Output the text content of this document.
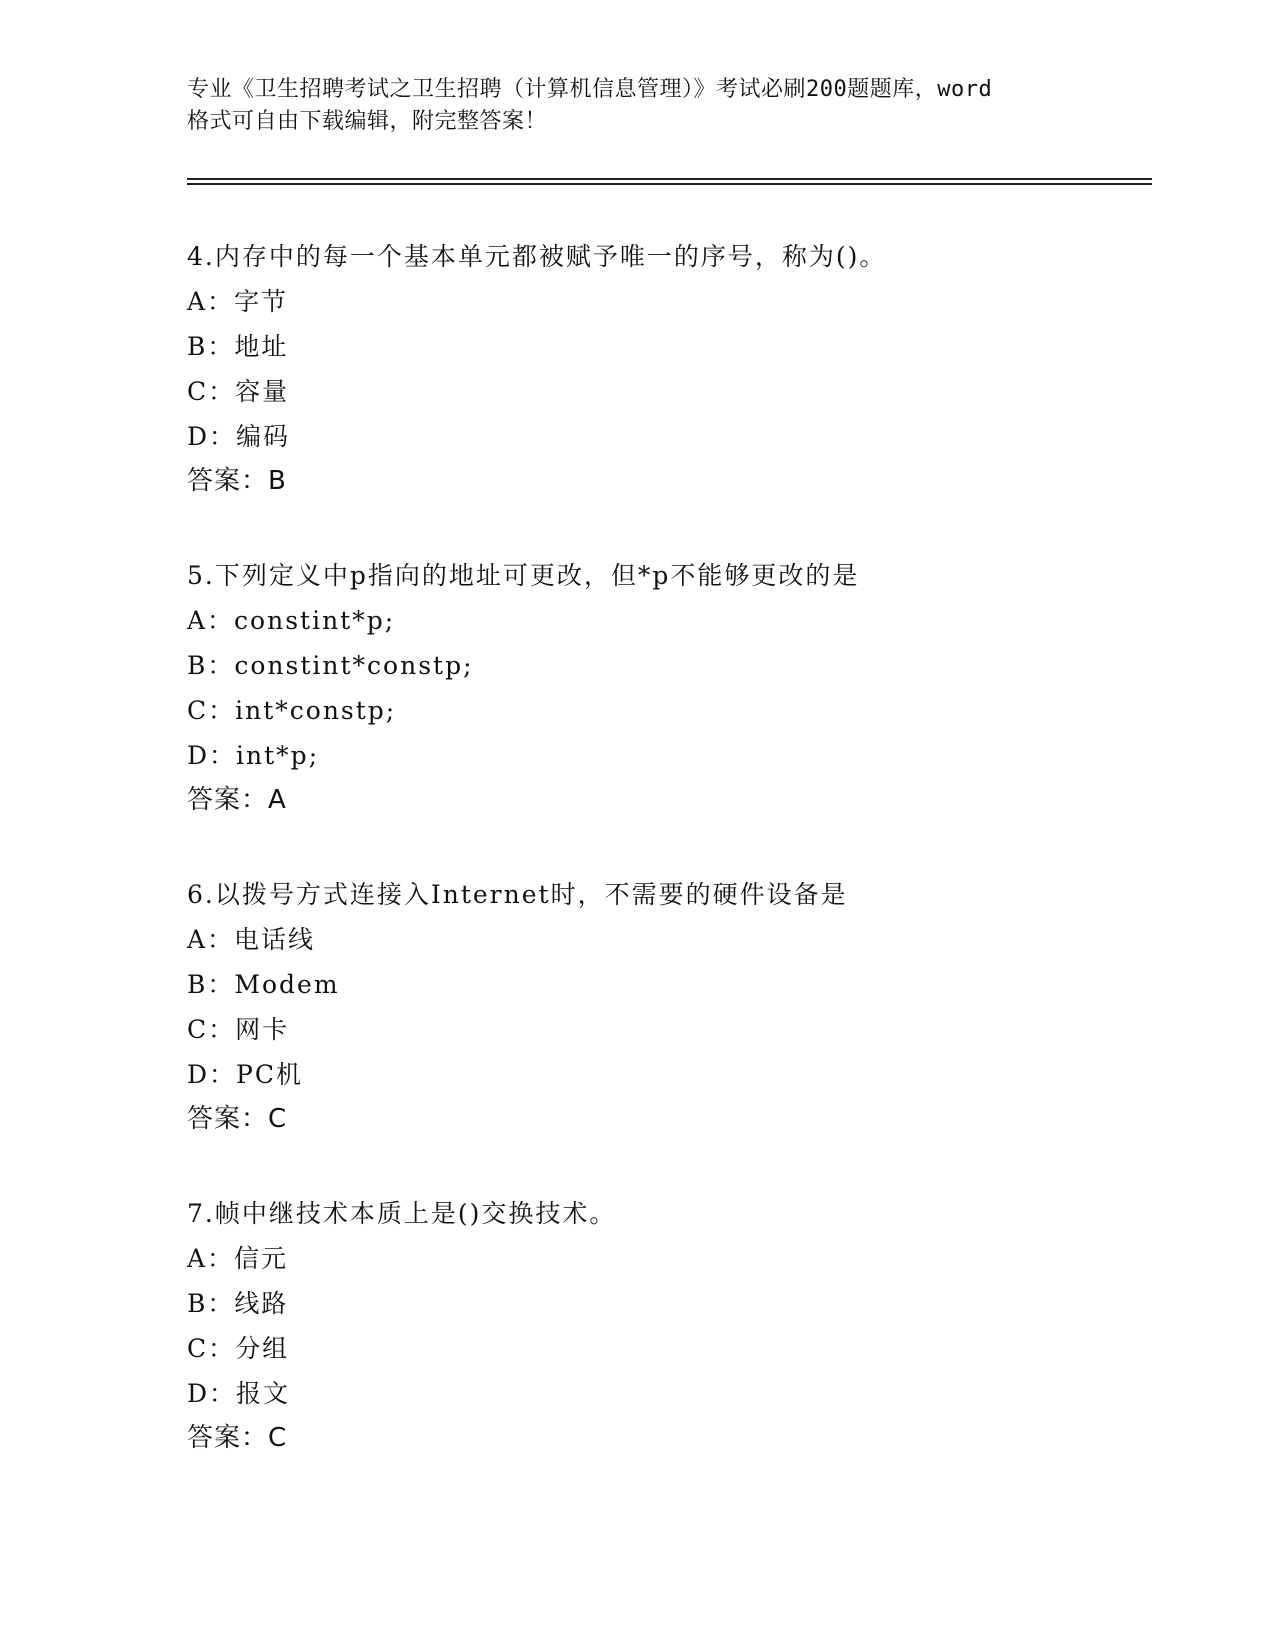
专业《卫生招聘考试之卫生招聘（计算机信息管理）》考试必刷200题题库，word
格式可自由下载编辑，附完整答案！
4.内存中的每一个基本单元都被赋予唯一的序号，称为()。
A：字节
B：地址
C：容量
D：编码
答案：B
5.下列定义中p指向的地址可更改，但*p不能够更改的是
A：constint*p;
B：constint*constp;
C：int*constp;
D：int*p;
答案：A
6.以拨号方式连接入Internet时，不需要的硬件设备是
A：电话线
B：Modem
C：网卡
D：PC机
答案：C
7.帧中继技术本质上是()交换技术。
A：信元
B：线路
C：分组
D：报文
答案：C
